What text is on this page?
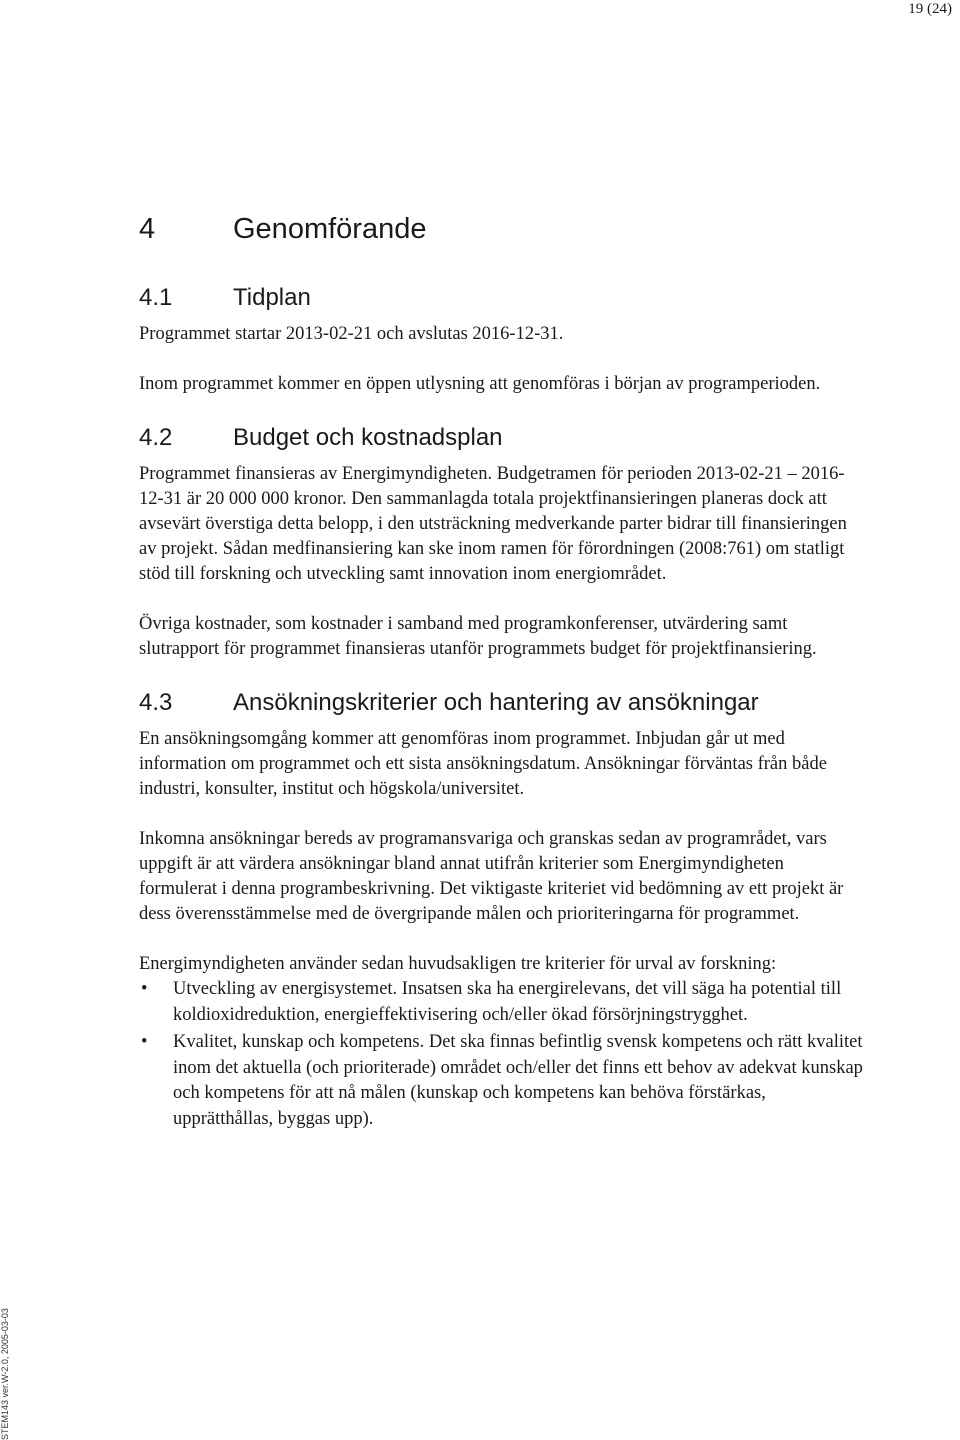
19 (24)
STEM143 ver.W-2.0, 2005-03-03
4	Genomförande
4.1	Tidplan

Programmet startar 2013-02-21 och avslutas 2016-12-31.

Inom programmet kommer en öppen utlysning att genomföras i början av programperioden.

4.2	Budget och kostnadsplan

Programmet finansieras av Energimyndigheten. Budgetramen för perioden 2013-02-21 – 2016-12-31 är 20 000 000 kronor. Den sammanlagda totala projektfinansieringen planeras dock att avsevärt överstiga detta belopp, i den utsträckning medverkande parter bidrar till finansieringen av projekt. Sådan medfinansiering kan ske inom ramen för förordningen (2008:761) om statligt stöd till forskning och utveckling samt innovation inom energiområdet.

Övriga kostnader, som kostnader i samband med programkonferenser, utvärdering samt slutrapport för programmet finansieras utanför programmets budget för projektfinansiering.

4.3	Ansökningskriterier och hantering av ansökningar

En ansökningsomgång kommer att genomföras inom programmet. Inbjudan går ut med information om programmet och ett sista ansökningsdatum. Ansökningar förväntas från både industri, konsulter, institut och högskola/universitet.

Inkomna ansökningar bereds av programansvariga och granskas sedan av programrådet, vars uppgift är att värdera ansökningar bland annat utifrån kriterier som Energimyndigheten formulerat i denna programbeskrivning. Det viktigaste kriteriet vid bedömning av ett projekt är dess överensstämmelse med de övergripande målen och prioriteringarna för programmet.

Energimyndigheten använder sedan huvudsakligen tre kriterier för urval av forskning:

• Utveckling av energisystemet. Insatsen ska ha energirelevans, det vill säga ha potential till koldioxidreduktion, energieffektivisering och/eller ökad försörjningstrygghet.
• Kvalitet, kunskap och kompetens. Det ska finnas befintlig svensk kompetens och rätt kvalitet inom det aktuella (och prioriterade) området och/eller det finns ett behov av adekvat kunskap och kompetens för att nå målen (kunskap och kompetens kan behöva förstärkas, upprätthållas, byggas upp).
